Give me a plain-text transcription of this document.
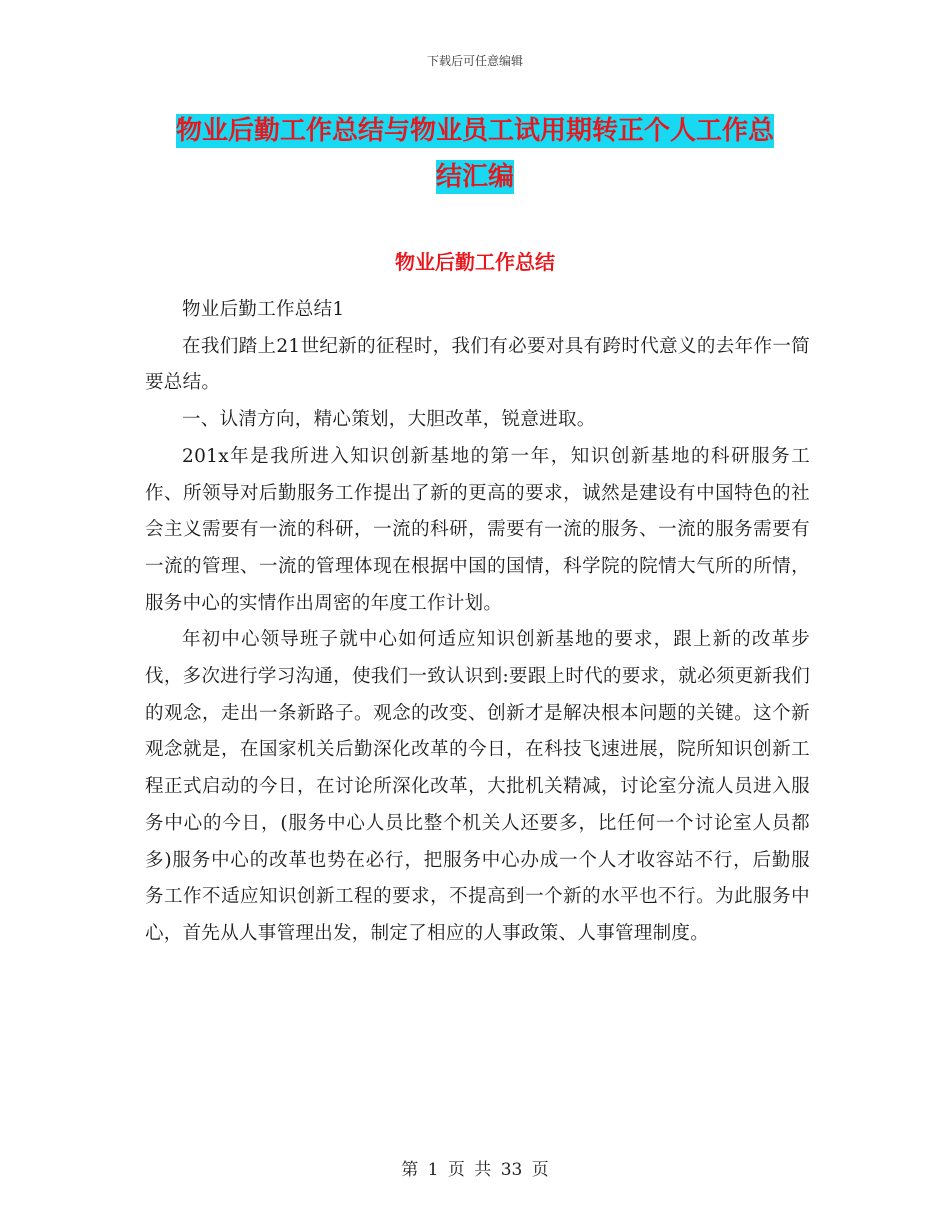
下载后可任意编辑
物业后勤工作总结与物业员工试用期转正个人工作总
结汇编
物业后勤工作总结

物业后勤工作总结1

在我们踏上21世纪新的征程时，我们有必要对具有跨时代意义的去年作一简要总结。

一、认清方向，精心策划，大胆改革，锐意进取。

201x年是我所进入知识创新基地的第一年，知识创新基地的科研服务工作、所领导对后勤服务工作提出了新的更高的要求，诚然是建设有中国特色的社会主义需要有一流的科研，一流的科研，需要有一流的服务、一流的服务需要有一流的管理、一流的管理体现在根据中国的国情，科学院的院情大气所的所情，服务中心的实情作出周密的年度工作计划。

年初中心领导班子就中心如何适应知识创新基地的要求，跟上新的改革步伐，多次进行学习沟通，使我们一致认识到:要跟上时代的要求，就必须更新我们的观念，走出一条新路子。观念的改变、创新才是解决根本问题的关键。这个新观念就是，在国家机关后勤深化改革的今日，在科技飞速进展，院所知识创新工程正式启动的今日，在讨论所深化改革，大批机关精减，讨论室分流人员进入服务中心的今日，(服务中心人员比整个机关人还要多，比任何一个讨论室人员都多)服务中心的改革也势在必行，把服务中心办成一个人才收容站不行，后勤服务工作不适应知识创新工程的要求，不提高到一个新的水平也不行。为此服务中心，首先从人事管理出发，制定了相应的人事政策、人事管理制度。

第 1 页 共 33 页
